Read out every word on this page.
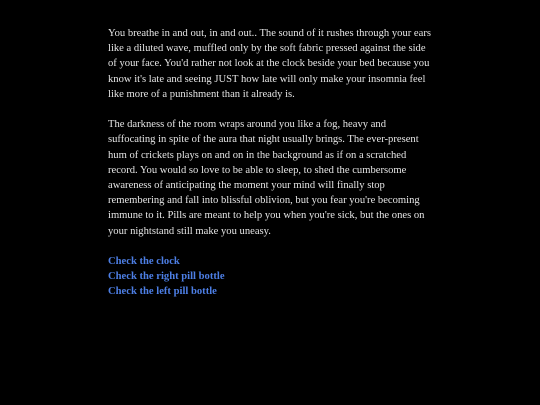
You breathe in and out, in and out.. The sound of it rushes through your ears like a diluted wave, muffled only by the soft fabric pressed against the side of your face. You'd rather not look at the clock beside your bed because you know it's late and seeing JUST how late will only make your insomnia feel like more of a punishment than it already is.

The darkness of the room wraps around you like a fog, heavy and suffocating in spite of the aura that night usually brings. The ever-present hum of crickets plays on and on in the background as if on a scratched record. You would so love to be able to sleep, to shed the cumbersome awareness of anticipating the moment your mind will finally stop remembering and fall into blissful oblivion, but you fear you're becoming immune to it. Pills are meant to help you when you're sick, but the ones on your nightstand still make you uneasy.

Check the clock
Check the right pill bottle
Check the left pill bottle
